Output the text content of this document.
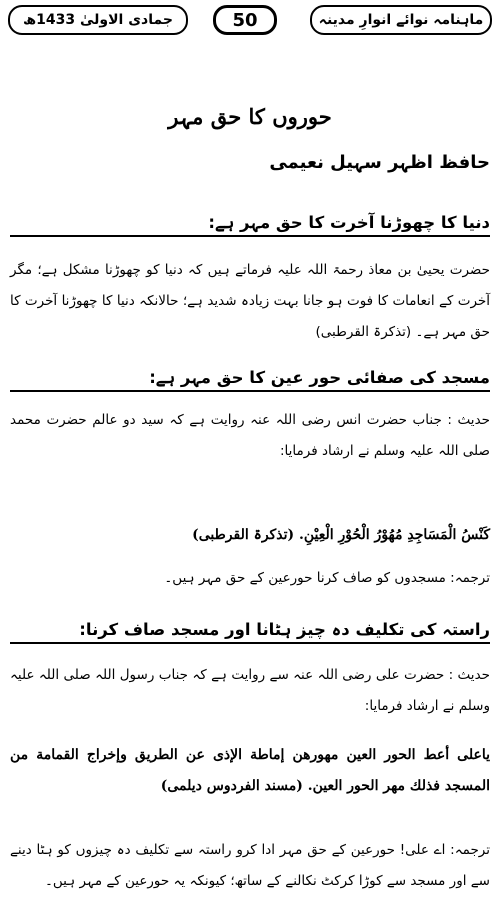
ماہنامہ نوائے انوارِ مدینہ
50
جمادی الاولیٰ 1433ھ
حوروں کا حق مہر
حافظ اظہر سہیل نعیمی
دنیا کا چھوڑنا آخرت کا حق مہر ہے:
حضرت یحییٰ بن معاذ رحمۃ اللہ علیہ فرماتے ہیں کہ دنیا کو چھوڑنا مشکل ہے؛ مگر آخرت کے انعامات کا فوت ہو جانا بہت زیادہ شدید ہے؛ حالانکہ دنیا کا چھوڑنا آخرت کا حق مہر ہے۔ (تذکرۃ القرطبی)
مسجد کی صفائی حور عین کا حق مہر ہے:
حدیث : جناب حضرت انس رضی اللہ عنہ روایت ہے کہ سید دو عالم حضرت محمد صلی اللہ علیہ وسلم نے ارشاد فرمایا:
كَنْسُ الْمَسَاجِدِ مُهُوْرُ الْحُوْرِ الْعِيْنِ. (تذکرۃ القرطبی)
ترجمہ: مسجدوں کو صاف کرنا حورعین کے حق مہر ہیں۔
راستہ کی تکلیف دہ چیز ہٹانا اور مسجد صاف کرنا:
حدیث : حضرت علی رضی اللہ عنہ سے روایت ہے کہ جناب رسول اللہ صلی اللہ علیہ وسلم نے ارشاد فرمایا:
یاعلی أعط الحور العین مهورهن إماطة الإذى عن الطریق وإخراج القمامة من المسجد فذلك مهر الحور العین. (مسند الفردوس دیلمی)
ترجمہ: اے علی! حورعین کے حق مہر ادا کرو راستہ سے تکلیف دہ چیزوں کو ہٹا دینے سے اور مسجد سے کوڑا کرکٹ نکالنے کے ساتھ؛ کیونکہ یہ حورعین کے مہر ہیں۔
